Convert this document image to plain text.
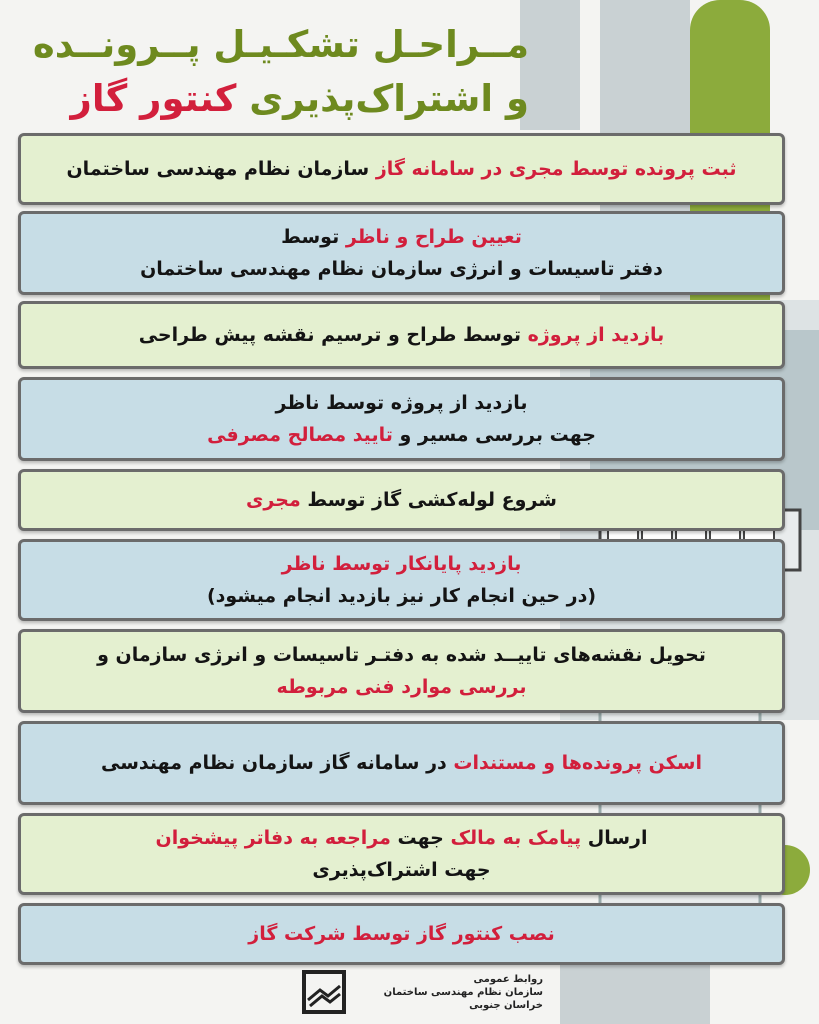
مــراحـل تشکـیـل پــرونــده
و اشتراک‌پذیری کنتور گاز
ثبت پرونده توسط مجری در سامانه گاز سازمان نظام مهندسی ساختمان
تعیین طراح و ناظر توسط
دفتر تاسیسات و انرژی سازمان نظام مهندسی ساختمان
بازدید از پروژه توسط طراح و ترسیم نقشه پیش طراحی
بازدید از پروژه توسط ناظر
جهت بررسی مسیر و تایید مصالح مصرفی
شروع لوله‌کشی گاز توسط مجری
بازدید پایانکار توسط ناظر
(در حین انجام کار نیز بازدید انجام میشود)
تحویل نقشه‌های تاییــد شده به دفتـر تاسیسات و انرژی سازمان و
بررسی موارد فنی مربوطه
اسکن پرونده‌ها و مستندات در سامانه گاز سازمان نظام مهندسی
ارسال پیامک به مالک جهت مراجعه به دفاتر پیشخوان
جهت اشتراک‌پذیری
نصب کنتور گاز توسط شرکت گاز
روابط عمومی
سازمان نظام مهندسی ساختمان
خراسان جنوبی
